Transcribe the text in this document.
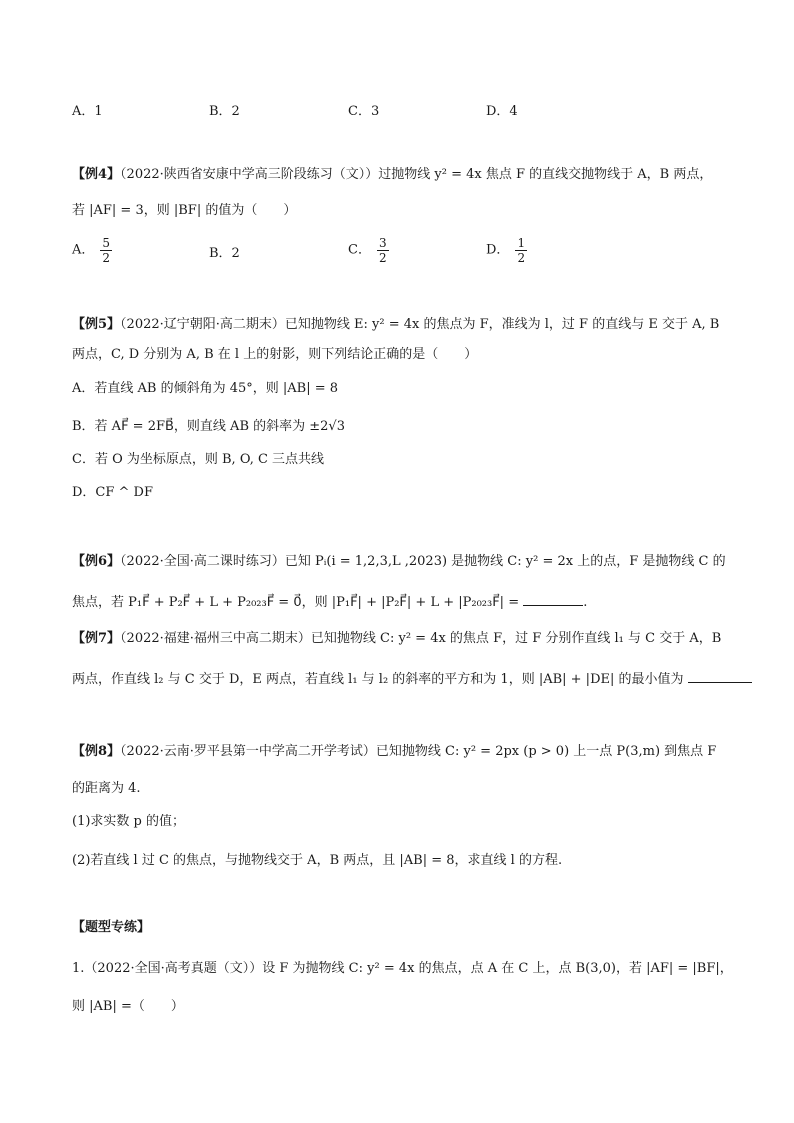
A．1	B．2	C．3	D．4
【例4】（2022·陕西省安康中学高三阶段练习（文））过抛物线 y² = 4x 焦点 F 的直线交抛物线于 A，B 两点，
若 |AF| = 3，则 |BF| 的值为（　　）
A． $\frac{5}{2}$	B．2	C． $\frac{3}{2}$	D． $\frac{1}{2}$
【例5】（2022·辽宁朝阳·高二期末）已知抛物线 E: y² = 4x 的焦点为 F，准线为 l，过 F 的直线与 E 交于 A, B
两点，C, D 分别为 A, B 在 l 上的射影，则下列结论正确的是（　　）
A．若直线 AB 的倾斜角为 45°，则 |AB| = 8
B．若 AF⃗ = 2FB⃗，则直线 AB 的斜率为 ±2√3
C．若 O 为坐标原点，则 B, O, C 三点共线
D．CF ^ DF
【例6】（2022·全国·高二课时练习）已知 Pᵢ(i = 1,2,3,L ,2023) 是抛物线 C: y² = 2x 上的点，F 是抛物线 C 的
焦点，若 P₁F⃗ + P₂F⃗ + L + P₂₀₂₃F⃗ = 0⃗，则 |P₁F⃗| + |P₂F⃗| + L + |P₂₀₂₃F⃗| =	.
【例7】（2022·福建·福州三中高二期末）已知抛物线 C: y² = 4x 的焦点 F，过 F 分别作直线 l₁ 与 C 交于 A，B
两点，作直线 l₂ 与 C 交于 D，E 两点，若直线 l₁ 与 l₂ 的斜率的平方和为 1，则 |AB| + |DE| 的最小值为
【例8】（2022·云南·罗平县第一中学高二开学考试）已知抛物线 C: y² = 2px (p > 0) 上一点 P(3,m) 到焦点 F
的距离为 4.
(1)求实数 p 的值；
(2)若直线 l 过 C 的焦点，与抛物线交于 A，B 两点，且 |AB| = 8，求直线 l 的方程.
【题型专练】
1.（2022·全国·高考真题（文））设 F 为抛物线 C: y² = 4x 的焦点，点 A 在 C 上，点 B(3,0)，若 |AF| = |BF|，
则 |AB| =（　　）
